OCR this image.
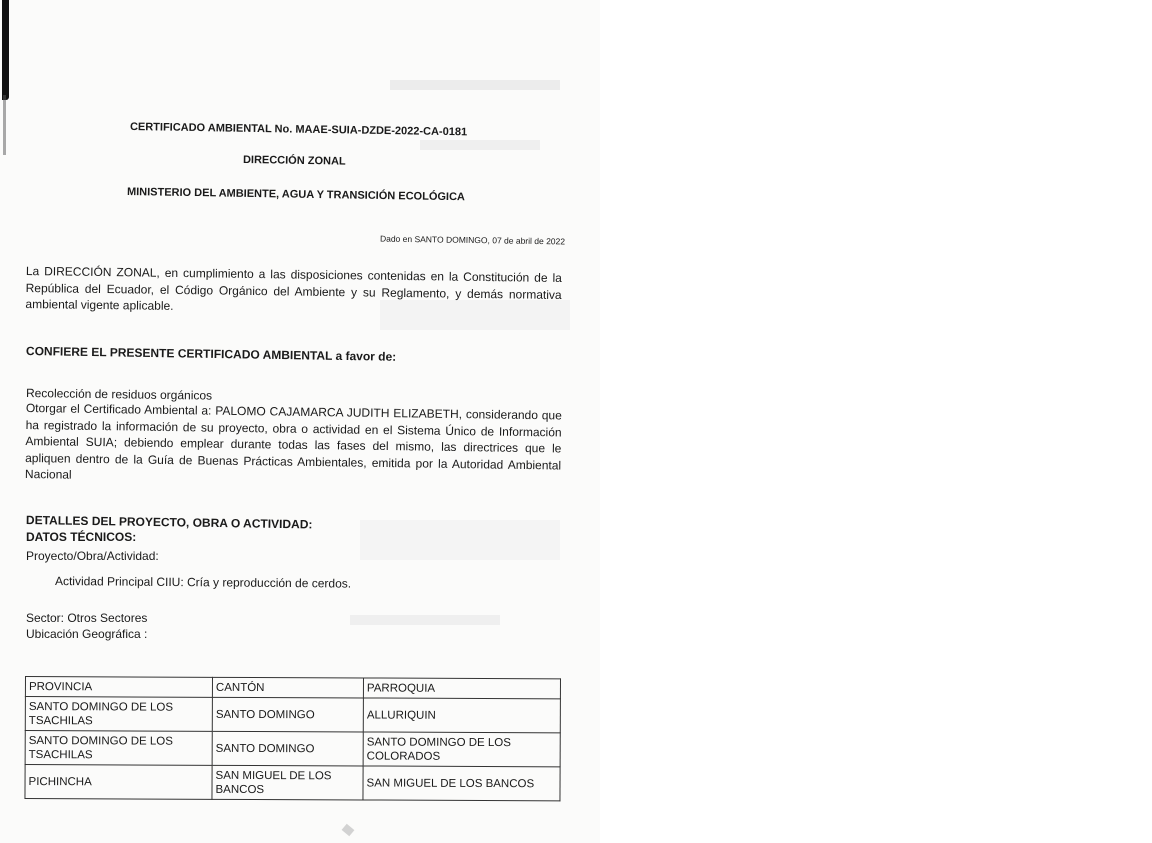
CERTIFICADO AMBIENTAL No. MAAE-SUIA-DZDE-2022-CA-0181
DIRECCIÓN ZONAL
MINISTERIO DEL AMBIENTE, AGUA Y TRANSICIÓN ECOLÓGICA
Dado en SANTO DOMINGO, 07 de abril de 2022
La DIRECCIÓN ZONAL, en cumplimiento a las disposiciones contenidas en la Constitución de la República del Ecuador, el Código Orgánico del Ambiente y su Reglamento, y demás normativa ambiental vigente aplicable.
CONFIERE EL PRESENTE CERTIFICADO AMBIENTAL a favor de:
Recolección de residuos orgánicos
Otorgar el Certificado Ambiental a: PALOMO CAJAMARCA JUDITH ELIZABETH, considerando que ha registrado la información de su proyecto, obra o actividad en el Sistema Único de Información Ambiental SUIA; debiendo emplear durante todas las fases del mismo, las directrices que le apliquen dentro de la Guía de Buenas Prácticas Ambientales, emitida por la Autoridad Ambiental Nacional
DETALLES DEL PROYECTO, OBRA O ACTIVIDAD:
DATOS TÉCNICOS:
Proyecto/Obra/Actividad:
Actividad Principal CIIU: Cría y reproducción de cerdos.
Sector: Otros Sectores
Ubicación Geográfica :
PROVINCIA	CANTÓN	PARROQUIA
SANTO DOMINGO DE LOS TSACHILAS	SANTO DOMINGO	ALLURIQUIN
SANTO DOMINGO DE LOS TSACHILAS	SANTO DOMINGO	SANTO DOMINGO DE LOS COLORADOS
PICHINCHA	SAN MIGUEL DE LOS BANCOS	SAN MIGUEL DE LOS BANCOS
